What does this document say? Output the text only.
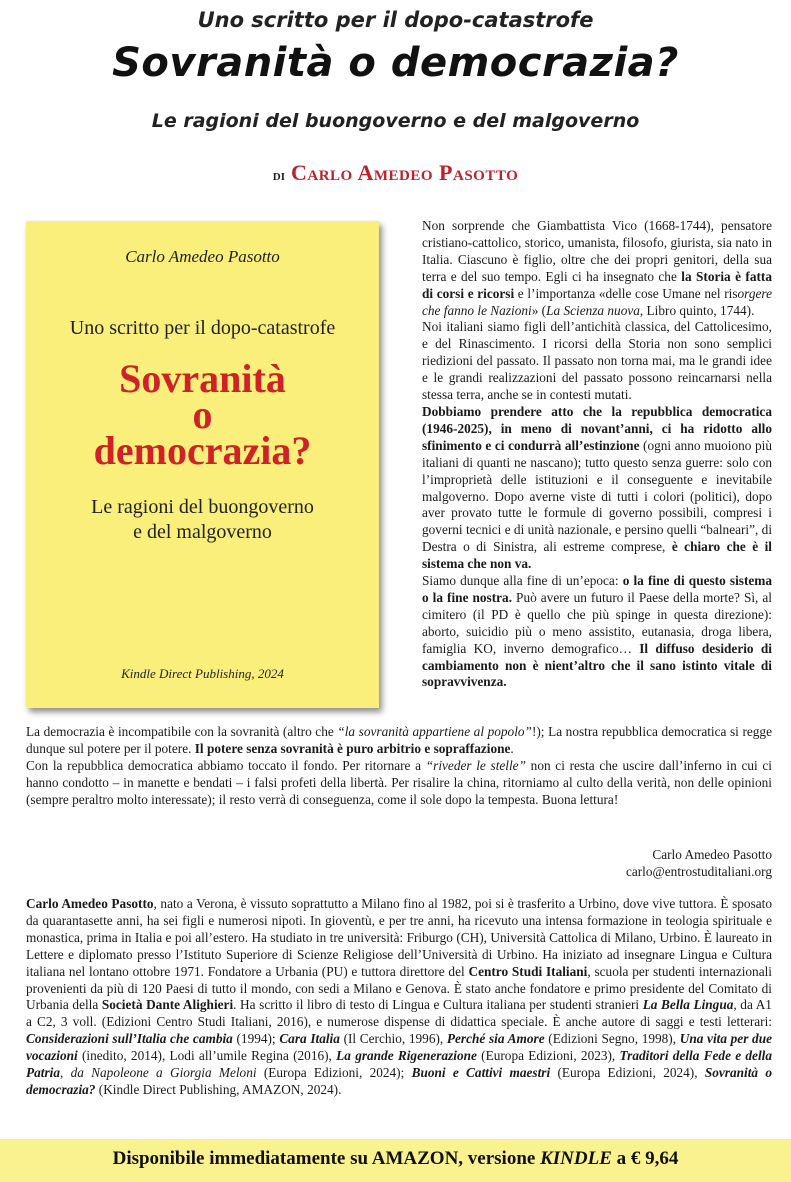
Uno scritto per il dopo-catastrofe
Sovranità o democrazia?
Le ragioni del buongoverno e del malgoverno
di Carlo Amedeo Pasotto
Carlo Amedeo Pasotto
Uno scritto per il dopo-catastrofe
Sovranità
o
democrazia?
Le ragioni del buongoverno
e del malgoverno
Kindle Direct Publishing, 2024

Non sorprende che Giambattista Vico (1668-1744), pensatore cristiano-cattolico, storico, umanista, filosofo, giurista, sia nato in Italia. Ciascuno è figlio, oltre che dei propri genitori, della sua terra e del suo tempo. Egli ci ha insegnato che la Storia è fatta di corsi e ricorsi e l’importanza «delle cose Umane nel risorgere che fanno le Nazioni» (La Scienza nuova, Libro quinto, 1744).

Noi italiani siamo figli dell’antichità classica, del Cattolicesimo, e del Rinascimento. I ricorsi della Storia non sono semplici riedizioni del passato. Il passato non torna mai, ma le grandi idee e le grandi realizzazioni del passato possono reincarnarsi nella stessa terra, anche se in contesti mutati.

Dobbiamo prendere atto che la repubblica democratica (1946-2025), in meno di novant’anni, ci ha ridotto allo sfinimento e ci condurrà all’estinzione (ogni anno muoiono più italiani di quanti ne nascano); tutto questo senza guerre: solo con l’improprietà delle istituzioni e il conseguente e inevitabile malgoverno. Dopo averne viste di tutti i colori (politici), dopo aver provato tutte le formule di governo possibili, compresi i governi tecnici e di unità nazionale, e persino quelli “balneari”, di Destra o di Sinistra, ali estreme comprese, è chiaro che è il sistema che non va.

Siamo dunque alla fine di un’epoca: o la fine di questo sistema o la fine nostra. Può avere un futuro il Paese della morte? Sì, al cimitero (il PD è quello che più spinge in questa direzione): aborto, suicidio più o meno assistito, eutanasia, droga libera, famiglia KO, inverno demografico… Il diffuso desiderio di cambiamento non è nient’altro che il sano istinto vitale di sopravvivenza.

La democrazia è incompatibile con la sovranità (altro che “la sovranità appartiene al popolo”!); La nostra repubblica democratica si regge dunque sul potere per il potere. Il potere senza sovranità è puro arbitrio e sopraffazione.

Con la repubblica democratica abbiamo toccato il fondo. Per ritornare a “riveder le stelle” non ci resta che uscire dall’inferno in cui ci hanno condotto – in manette e bendati – i falsi profeti della libertà. Per risalire la china, ritorniamo al culto della verità, non delle opinioni (sempre peraltro molto interessate); il resto verrà di conseguenza, come il sole dopo la tempesta. Buona lettura!

Carlo Amedeo Pasotto
carlo@entrostuditaliani.org
Carlo Amedeo Pasotto, nato a Verona, è vissuto soprattutto a Milano fino al 1982, poi si è trasferito a Urbino, dove vive tuttora. È sposato da quarantasette anni, ha sei figli e numerosi nipoti. In gioventù, e per tre anni, ha ricevuto una intensa formazione in teologia spirituale e monastica, prima in Italia e poi all’estero. Ha studiato in tre università: Friburgo (CH), Università Cattolica di Milano, Urbino. È laureato in Lettere e diplomato presso l’Istituto Superiore di Scienze Religiose dell’Università di Urbino. Ha iniziato ad insegnare Lingua e Cultura italiana nel lontano ottobre 1971. Fondatore a Urbania (PU) e tuttora direttore del Centro Studi Italiani, scuola per studenti internazionali provenienti da più di 120 Paesi di tutto il mondo, con sedi a Milano e Genova. È stato anche fondatore e primo presidente del Comitato di Urbania della Società Dante Alighieri. Ha scritto il libro di testo di Lingua e Cultura italiana per studenti stranieri La Bella Lingua, da A1 a C2, 3 voll. (Edizioni Centro Studi Italiani, 2016), e numerose dispense di didattica speciale. È anche autore di saggi e testi letterari: Considerazioni sull’Italia che cambia (1994); Cara Italia (Il Cerchio, 1996), Perché sia Amore (Edizioni Segno, 1998), Una vita per due vocazioni (inedito, 2014), Lodi all’umile Regina (2016), La grande Rigenerazione (Europa Edizioni, 2023), Traditori della Fede e della Patria, da Napoleone a Giorgia Meloni (Europa Edizioni, 2024); Buoni e Cattivi maestri (Europa Edizioni, 2024), Sovranità o democrazia? (Kindle Direct Publishing, AMAZON, 2024).
Disponibile immediatamente su AMAZON, versione KINDLE a € 9,64
